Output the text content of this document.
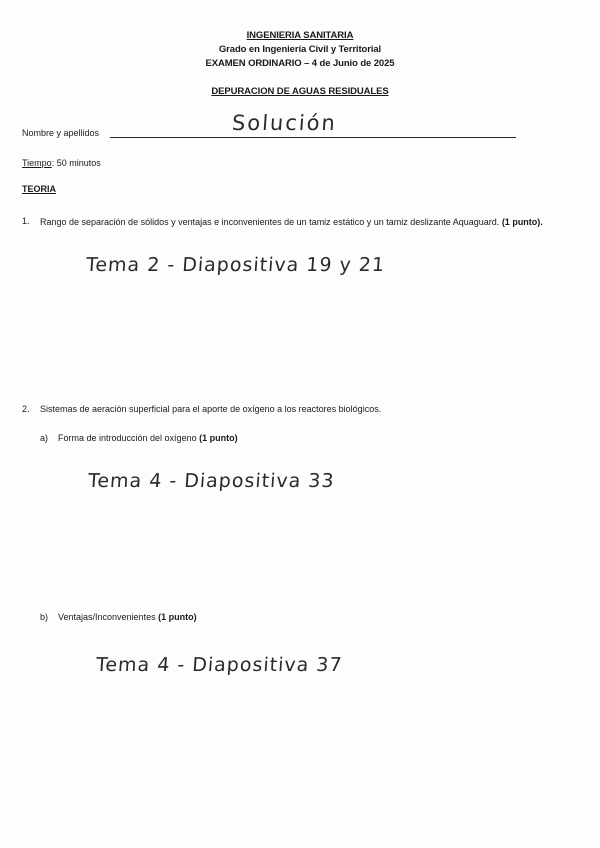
INGENIERIA SANITARIA
Grado en Ingeniería Civil y Territorial
EXAMEN ORDINARIO – 4 de Junio de 2025
DEPURACION DE AGUAS RESIDUALES
Nombre y apellidos	Solución
Tiempo: 50 minutos
TEORIA
1. Rango de separación de sólidos y ventajas e inconvenientes de un tamiz estático y un tamiz deslizante Aquaguard. (1 punto).
Tema 2 - Diapositiva 19 y 21
2. Sistemas de aeración superficial para el aporte de oxígeno a los reactores biológicos.
a) Forma de introducción del oxígeno (1 punto)
Tema 4 - Diapositiva 33
b) Ventajas/Inconvenientes (1 punto)
Tema 4 - Diapositiva 37
